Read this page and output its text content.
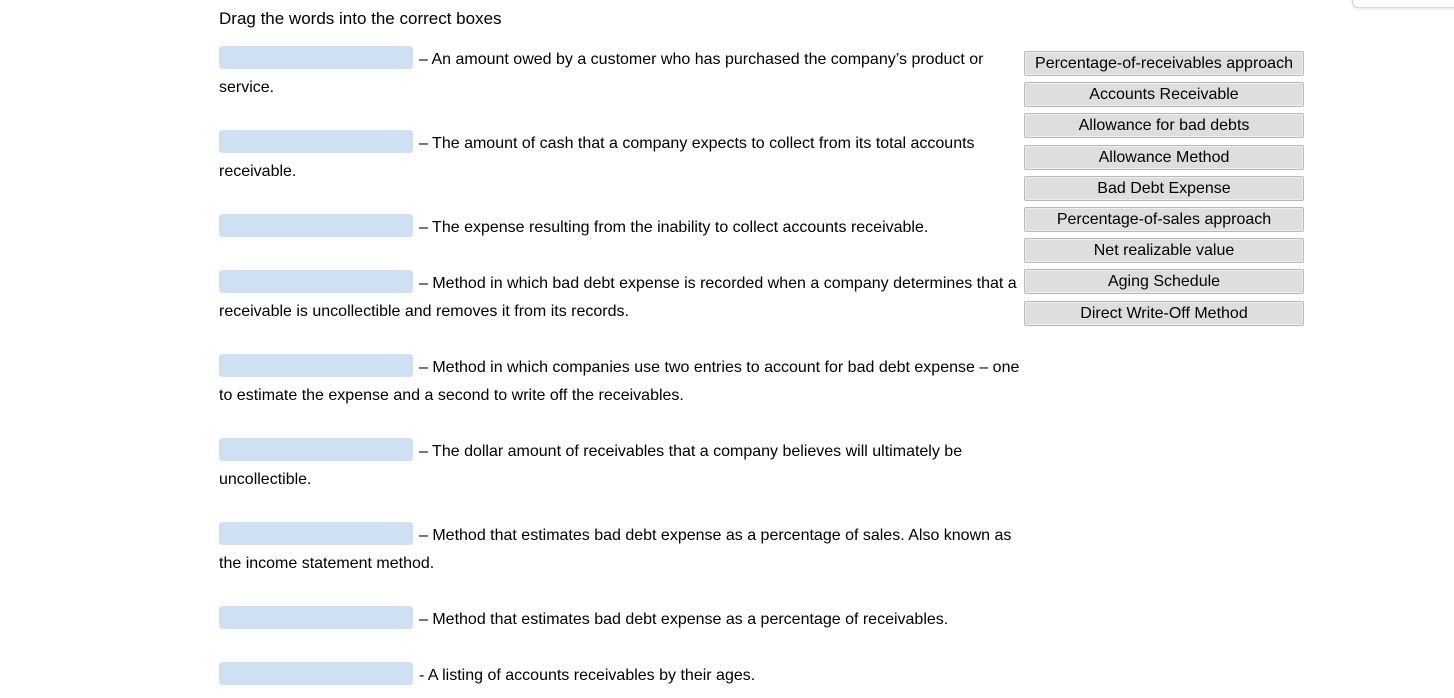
Drag the words into the correct boxes
– An amount owed by a customer who has purchased the company’s product or service.
– The amount of cash that a company expects to collect from its total accounts receivable.
– The expense resulting from the inability to collect accounts receivable.
– Method in which bad debt expense is recorded when a company determines that a receivable is uncollectible and removes it from its records.
– Method in which companies use two entries to account for bad debt expense – one to estimate the expense and a second to write off the receivables.
– The dollar amount of receivables that a company believes will ultimately be uncollectible.
– Method that estimates bad debt expense as a percentage of sales. Also known as the income statement method.
– Method that estimates bad debt expense as a percentage of receivables.
- A listing of accounts receivables by their ages.
Percentage-of-receivables approach
Accounts Receivable
Allowance for bad debts
Allowance Method
Bad Debt Expense
Percentage-of-sales approach
Net realizable value
Aging Schedule
Direct Write-Off Method
